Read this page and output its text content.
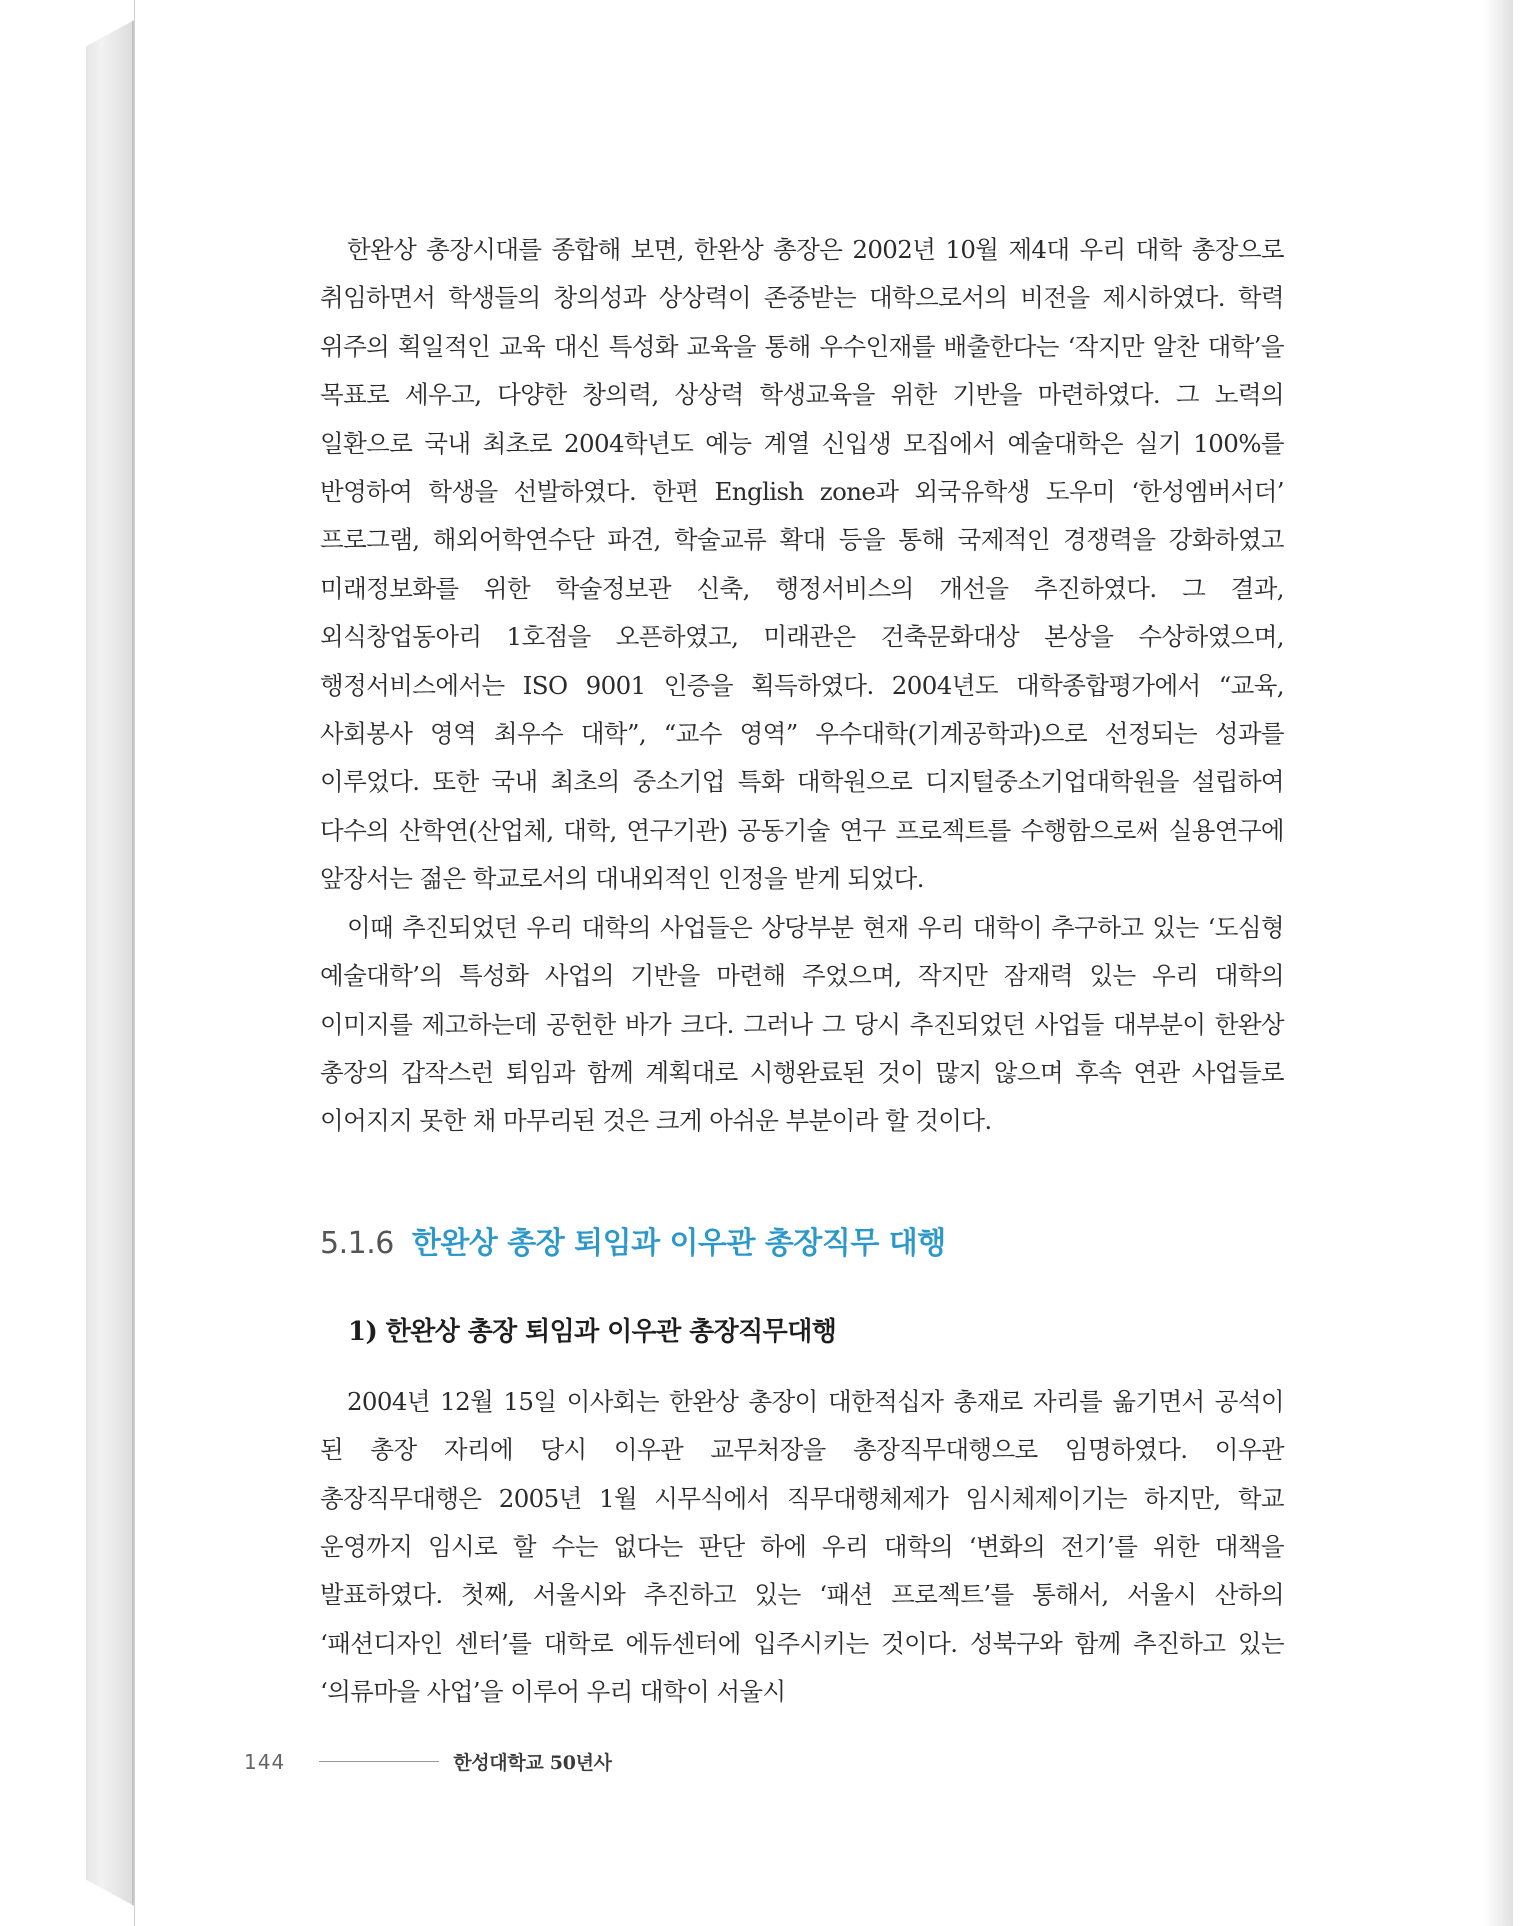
한완상 총장시대를 종합해 보면, 한완상 총장은 2002년 10월 제4대 우리 대학 총장으로 취임하면서 학생들의 창의성과 상상력이 존중받는 대학으로서의 비전을 제시하였다. 학력 위주의 획일적인 교육 대신 특성화 교육을 통해 우수인재를 배출한다는 ‘작지만 알찬 대학’을 목표로 세우고, 다양한 창의력, 상상력 학생교육을 위한 기반을 마련하였다. 그 노력의 일환으로 국내 최초로 2004학년도 예능 계열 신입생 모집에서 예술대학은 실기 100%를 반영하여 학생을 선발하였다. 한편 English zone과 외국유학생 도우미 ‘한성엠버서더’ 프로그램, 해외어학연수단 파견, 학술교류 확대 등을 통해 국제적인 경쟁력을 강화하였고 미래정보화를 위한 학술정보관 신축, 행정서비스의 개선을 추진하였다. 그 결과, 외식창업동아리 1호점을 오픈하였고, 미래관은 건축문화대상 본상을 수상하였으며, 행정서비스에서는 ISO 9001 인증을 획득하였다. 2004년도 대학종합평가에서 “교육, 사회봉사 영역 최우수 대학”, “교수 영역” 우수대학(기계공학과)으로 선정되는 성과를 이루었다. 또한 국내 최초의 중소기업 특화 대학원으로 디지털중소기업대학원을 설립하여 다수의 산학연(산업체, 대학, 연구기관) 공동기술 연구 프로젝트를 수행함으로써 실용연구에 앞장서는 젊은 학교로서의 대내외적인 인정을 받게 되었다.

이때 추진되었던 우리 대학의 사업들은 상당부분 현재 우리 대학이 추구하고 있는 ‘도심형 예술대학’의 특성화 사업의 기반을 마련해 주었으며, 작지만 잠재력 있는 우리 대학의 이미지를 제고하는데 공헌한 바가 크다. 그러나 그 당시 추진되었던 사업들 대부분이 한완상 총장의 갑작스런 퇴임과 함께 계획대로 시행완료된 것이 많지 않으며 후속 연관 사업들로 이어지지 못한 채 마무리된 것은 크게 아쉬운 부분이라 할 것이다.

5.1.6 한완상 총장 퇴임과 이우관 총장직무 대행
1) 한완상 총장 퇴임과 이우관 총장직무대행

2004년 12월 15일 이사회는 한완상 총장이 대한적십자 총재로 자리를 옮기면서 공석이 된 총장 자리에 당시 이우관 교무처장을 총장직무대행으로 임명하였다. 이우관 총장직무대행은 2005년 1월 시무식에서 직무대행체제가 임시체제이기는 하지만, 학교 운영까지 임시로 할 수는 없다는 판단 하에 우리 대학의 ‘변화의 전기’를 위한 대책을 발표하였다. 첫째, 서울시와 추진하고 있는 ‘패션 프로젝트’를 통해서, 서울시 산하의 ‘패션디자인 센터’를 대학로 에듀센터에 입주시키는 것이다. 성북구와 함께 추진하고 있는 ‘의류마을 사업’을 이루어 우리 대학이 서울시

144	한성대학교 50년사
